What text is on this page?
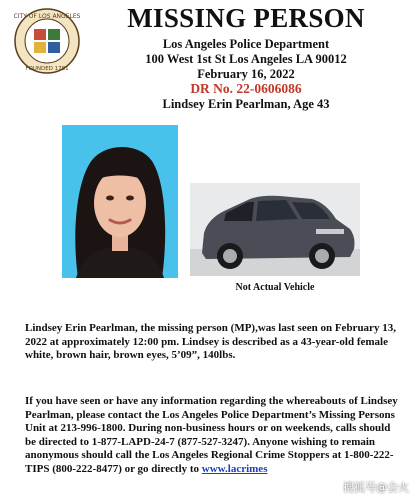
CITY OF LOS ANGELES
FOUNDED 1781
MISSING PERSON
Los Angeles Police Department
100 West 1st St Los Angeles LA 90012
February 16, 2022
DR No. 22-0606086
Lindsey Erin Pearlman, Age 43
Not Actual Vehicle
Lindsey Erin Pearlman, the missing person (MP),was last seen on February 13, 2022 at approximately 12:00 pm. Lindsey is described as a 43-year-old female white, brown hair, brown eyes, 5’09”, 140lbs.
If you have seen or have any information regarding the whereabouts of Lindsey Pearlman, please contact the Los Angeles Police Department’s Missing Persons Unit at 213-996-1800. During non-business hours or on weekends, calls should be directed to 1-877-LAPD-24-7 (877-527-3247). Anyone wishing to remain anonymous should call the Los Angeles Regional Crime Stoppers at 1-800-222-TIPS (800-222-8477) or go directly to www.lacrimes
搜狐号@会火
